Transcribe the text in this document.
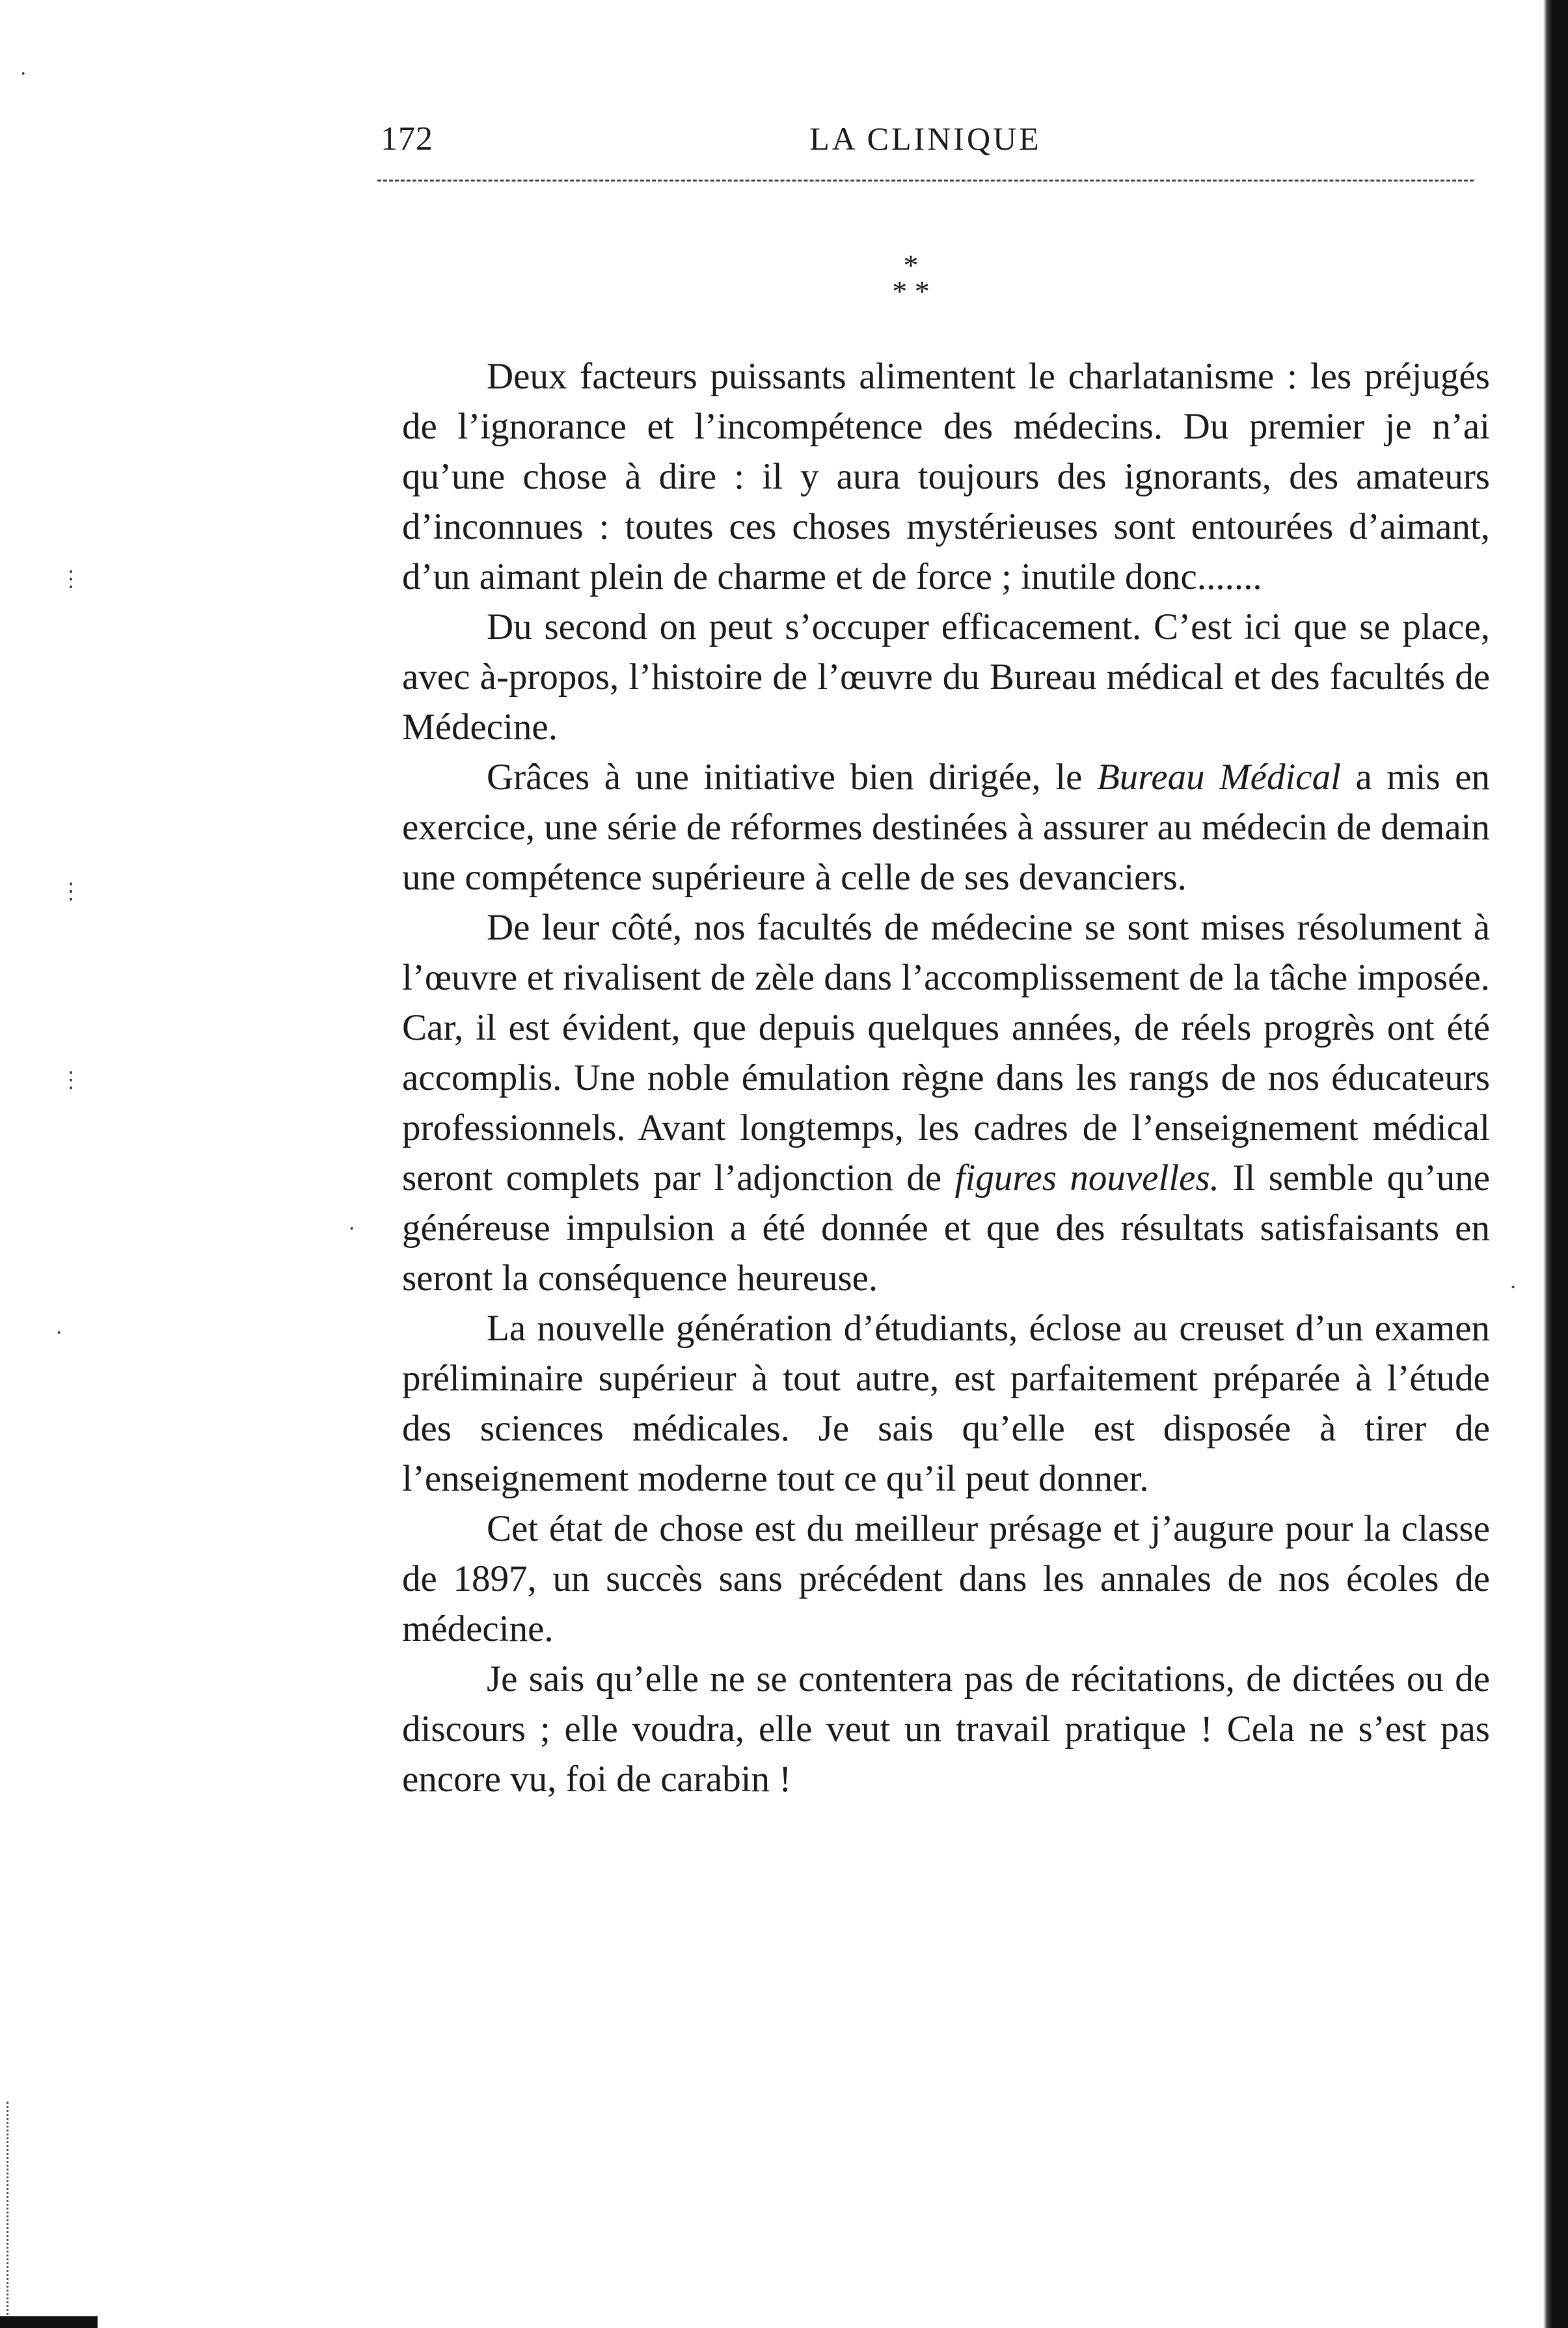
·
⋮
⋮
⋮
·
·
·
172	LA CLINIQUE
*
* *

Deux facteurs puissants alimentent le charlatanisme : les préjugés de l’ignorance et l’incompétence des médecins. Du premier je n’ai qu’une chose à dire : il y aura toujours des ignorants, des amateurs d’inconnues : toutes ces choses mystérieuses sont entourées d’aimant, d’un aimant plein de charme et de force ; inutile donc.......

Du second on peut s’occuper efficacement. C’est ici que se place, avec à-propos, l’histoire de l’œuvre du Bureau médical et des facultés de Médecine.

Grâces à une initiative bien dirigée, le Bureau Médical a mis en exercice, une série de réformes destinées à assurer au médecin de demain une compétence supérieure à celle de ses devanciers.

De leur côté, nos facultés de médecine se sont mises résolument à l’œuvre et rivalisent de zèle dans l’accomplissement de la tâche imposée. Car, il est évident, que depuis quelques années, de réels progrès ont été accomplis. Une noble émulation règne dans les rangs de nos éducateurs professionnels. Avant longtemps, les cadres de l’enseignement médical seront complets par l’adjonction de figures nouvelles. Il semble qu’une généreuse impulsion a été donnée et que des résultats satisfaisants en seront la conséquence heureuse.

La nouvelle génération d’étudiants, éclose au creuset d’un examen préliminaire supérieur à tout autre, est parfaitement préparée à l’étude des sciences médicales. Je sais qu’elle est disposée à tirer de l’enseignement moderne tout ce qu’il peut donner.

Cet état de chose est du meilleur présage et j’augure pour la classe de 1897, un succès sans précédent dans les annales de nos écoles de médecine.

Je sais qu’elle ne se contentera pas de récitations, de dictées ou de discours ; elle voudra, elle veut un travail pratique ! Cela ne s’est pas encore vu, foi de carabin !
